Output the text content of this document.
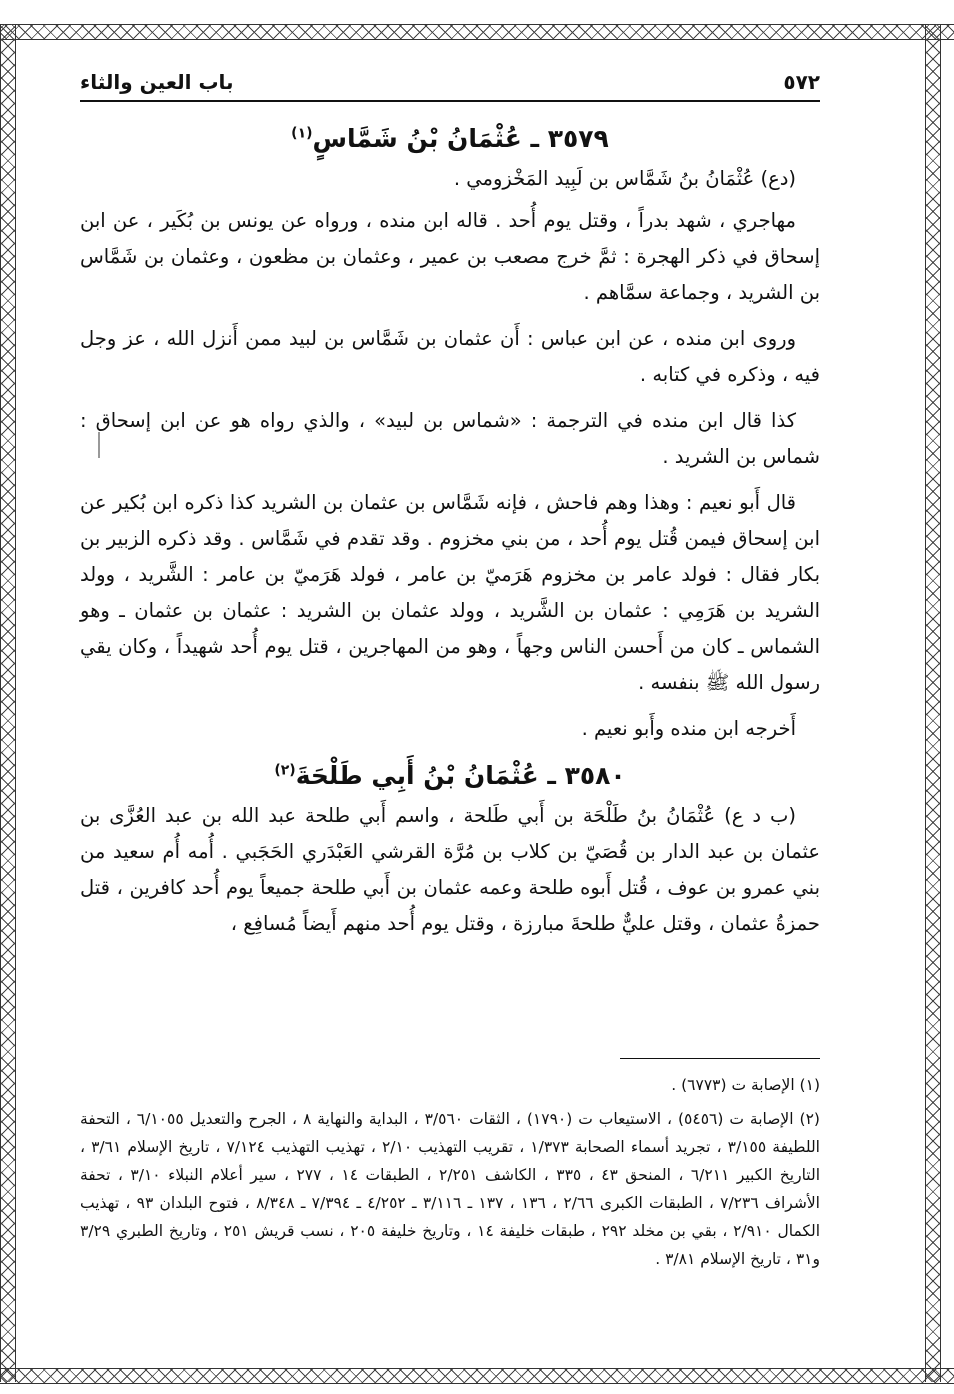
٥٧٢
باب العين والثاء
٣٥٧٩ ـ عُثْمَانُ بْنُ شَمَّاسٍ$^{(١)}$

(دع) عُثْمَانُ بنُ شَمَّاس بن لَبِيد المَخْزومي .

مهاجري ، شهد بدراً ، وقتل يوم أُحد . قاله ابن منده ، ورواه عن يونس بن بُكَير ، عن ابن إسحاق في ذكر الهجرة : ثمَّ خرج مصعب بن عمير ، وعثمان بن مظعون ، وعثمان بن شَمَّاس بن الشريد ، وجماعة سمَّاهم .

وروى ابن منده ، عن ابن عباس : أَن عثمان بن شَمَّاس بن لبيد ممن أَنزل الله ، عز وجل فيه ، وذكره في كتابه .

كذا قال ابن منده في الترجمة : «شماس بن لبيد» ، والذي رواه هو عن ابن إسحاق : شماس بن الشريد .

قال أَبو نعيم : وهذا وهم فاحش ، فإنه شَمَّاس بن عثمان بن الشريد كذا ذكره ابن بُكير عن ابن إسحاق فيمن قُتل يوم أُحد ، من بني مخزوم . وقد تقدم في شَمَّاس . وقد ذكره الزبير بن بكار فقال : فولد عامر بن مخزوم هَرَميّ بن عامر ، فولد هَرَميّ بن عامر : الشَّريد ، وولد الشريد بن هَرَمِي : عثمان بن الشَّريد ، وولد عثمان بن الشريد : عثمان بن عثمان ـ وهو الشماس ـ كان من أَحسن الناس وجهاً ، وهو من المهاجرين ، قتل يوم أُحد شهيداً ، وكان يقي رسول الله ﷺ بنفسه .

أَخرجه ابن منده وأَبو نعيم .

٣٥٨٠ ـ عُثْمَانُ بْنُ أَبِي طَلْحَةَ$^{(٢)}$

(ب د ع) عُثْمَانُ بنُ طَلْحَة بن أَبي طَلحة ، واسم أَبي طلحة عبد الله بن عبد العُزَّى بن عثمان بن عبد الدار بن قُصَيّ بن كلاب بن مُرَّة القرشي العَبْدَري الحَجَبي . أُمه أُم سعيد من بني عمرو بن عوف ، قُتل أَبوه طلحة وعمه عثمان بن أَبي طلحة جميعاً يوم أُحد كافرين ، قتل حمزةُ عثمان ، وقتل عليٌّ طلحةَ مبارزة ، وقتل يوم أُحد منهم أَيضاً مُسافِع ،

(١) الإصابة ت (٦٧٧٣) .

(٢) الإصابة ت (٥٤٥٦) ، الاستيعاب ت (١٧٩٠) ، الثقات ٣/٥٦٠ ، البداية والنهاية ٨ ، الجرح والتعديل ٦/١٠٥٥ ، التحفة اللطيفة ٣/١٥٥ ، تجريد أسماء الصحابة ١/٣٧٣ ، تقريب التهذيب ٢/١٠ ، تهذيب التهذيب ٧/١٢٤ ، تاريخ الإسلام ٣/٦١ ، التاريخ الكبير ٦/٢١١ ، المنحق ٤٣ ، ٣٣٥ ، الكاشف ٢/٢٥١ ، الطبقات ١٤ ، ٢٧٧ ، سير أعلام النبلاء ٣/١٠ ، تحفة الأشراف ٧/٢٣٦ ، الطبقات الكبرى ٢/٦٦ ، ١٣٦ ، ١٣٧ ـ ٣/١١٦ ـ ٤/٢٥٢ ـ ٧/٣٩٤ ـ ٨/٣٤٨ ، فتوح البلدان ٩٣ ، تهذيب الكمال ٢/٩١٠ ، بقي بن مخلد ٢٩٢ ، طبقات خليفة ١٤ ، وتاريخ خليفة ٢٠٥ ، نسب قريش ٢٥١ ، وتاريخ الطبري ٣/٢٩ و٣١ ، تاريخ الإسلام ٣/٨١ .
